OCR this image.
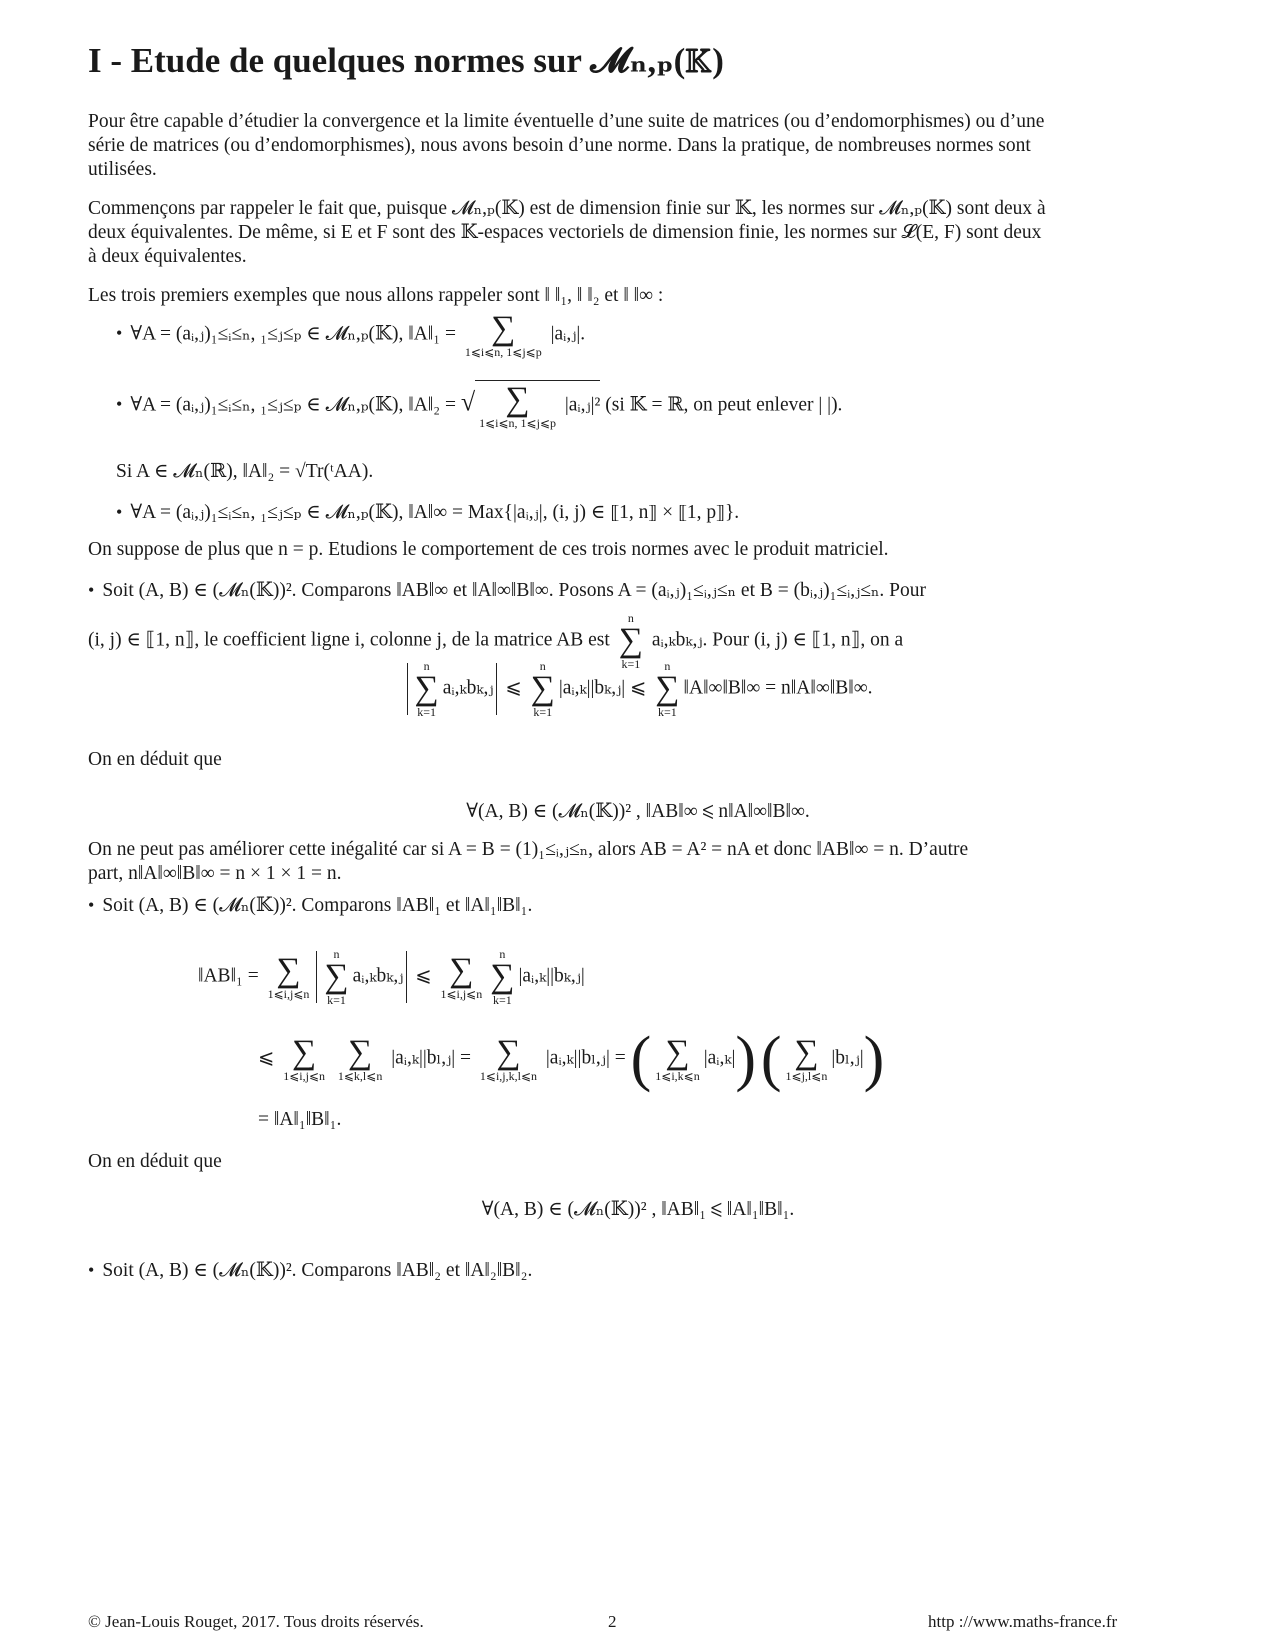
I - Etude de quelques normes sur 𝓜ₙ,ₚ(𝕂)
Pour être capable d’étudier la convergence et la limite éventuelle d’une suite de matrices (ou d’endomorphismes) ou d’une
série de matrices (ou d’endomorphismes), nous avons besoin d’une norme. Dans la pratique, de nombreuses normes sont
utilisées.
Commençons par rappeler le fait que, puisque 𝓜ₙ,ₚ(𝕂) est de dimension finie sur 𝕂, les normes sur 𝓜ₙ,ₚ(𝕂) sont deux à
deux équivalentes. De même, si E et F sont des 𝕂-espaces vectoriels de dimension finie, les normes sur 𝓛(E, F) sont deux
à deux équivalentes.
Les trois premiers exemples que nous allons rappeler sont ‖ ‖₁, ‖ ‖₂ et ‖ ‖∞ :
• ∀A = (aᵢ,ⱼ)₁≤ᵢ≤ₙ, ₁≤ⱼ≤ₚ ∈ 𝓜ₙ,ₚ(𝕂), ‖A‖₁ =	∑
1⩽i⩽n, 1⩽j⩽p
|aᵢ,ⱼ|.
• ∀A = (aᵢ,ⱼ)₁≤ᵢ≤ₙ, ₁≤ⱼ≤ₚ ∈ 𝓜ₙ,ₚ(𝕂), ‖A‖₂ = √ ∑
1⩽i⩽n, 1⩽j⩽p
|aᵢ,ⱼ|² (si 𝕂 = ℝ, on peut enlever | |).
Si A ∈ 𝓜ₙ(ℝ), ‖A‖₂ = √Tr(ᵗAA).
• ∀A = (aᵢ,ⱼ)₁≤ᵢ≤ₙ, ₁≤ⱼ≤ₚ ∈ 𝓜ₙ,ₚ(𝕂), ‖A‖∞ = Max{|aᵢ,ⱼ|, (i, j) ∈ ⟦1, n⟧ × ⟦1, p⟧}.
On suppose de plus que n = p. Etudions le comportement de ces trois normes avec le produit matriciel.
• Soit (A, B) ∈ (𝓜ₙ(𝕂))². Comparons ‖AB‖∞ et ‖A‖∞‖B‖∞. Posons A = (aᵢ,ⱼ)₁≤ᵢ,ⱼ≤ₙ et B = (bᵢ,ⱼ)₁≤ᵢ,ⱼ≤ₙ. Pour
(i, j) ∈ ⟦1, n⟧, le coefficient ligne i, colonne j, de la matrice AB est
n
∑
k=1
aᵢ,ₖbₖ,ⱼ. Pour (i, j) ∈ ⟦1, n⟧, on a
n
∑
k=1
aᵢ,ₖbₖ,ⱼ ⩽
n
∑
k=1
|aᵢ,ₖ||bₖ,ⱼ| ⩽
n
∑
k=1
‖A‖∞‖B‖∞ = n‖A‖∞‖B‖∞.
On en déduit que
∀(A, B) ∈ (𝓜ₙ(𝕂))² , ‖AB‖∞ ⩽ n‖A‖∞‖B‖∞.
On ne peut pas améliorer cette inégalité car si A = B = (1)₁≤ᵢ,ⱼ≤ₙ, alors AB = A² = nA et donc ‖AB‖∞ = n. D’autre
part, n‖A‖∞‖B‖∞ = n × 1 × 1 = n.
• Soit (A, B) ∈ (𝓜ₙ(𝕂))². Comparons ‖AB‖₁ et ‖A‖₁‖B‖₁.
‖AB‖₁ = ∑
1⩽i,j⩽n
n
∑
k=1
aᵢ,ₖbₖ,ⱼ ⩽ ∑
1⩽i,j⩽n
n
∑
k=1
|aᵢ,ₖ||bₖ,ⱼ|
⩽ ∑
1⩽i,j⩽n

∑
1⩽k,l⩽n
|aᵢ,ₖ||bₗ,ⱼ| = ∑
1⩽i,j,k,l⩽n
|aᵢ,ₖ||bₗ,ⱼ| = ( ∑
1⩽i,k⩽n
|aᵢ,ₖ|) ( ∑
1⩽j,l⩽n
|bₗ,ⱼ|)
= ‖A‖₁‖B‖₁.
On en déduit que
∀(A, B) ∈ (𝓜ₙ(𝕂))² , ‖AB‖₁ ⩽ ‖A‖₁‖B‖₁.
• Soit (A, B) ∈ (𝓜ₙ(𝕂))². Comparons ‖AB‖₂ et ‖A‖₂‖B‖₂.
© Jean-Louis Rouget, 2017. Tous droits réservés.	2	http ://www.maths-france.fr
